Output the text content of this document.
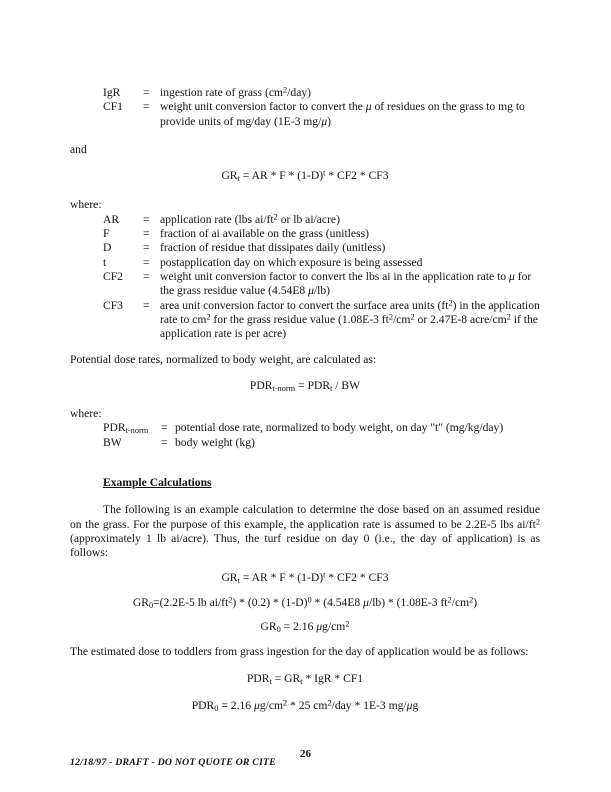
IgR	= ingestion rate of grass $(cm^2/day)$
CF1	= weight unit conversion factor to convert the μ of residues on the grass to mg to provide units of mg/day (1E-3 mg/μ)

and

$GR_t$ = AR * F * $(1-D)^t * CF2 * CF3$

where:

AR	= application rate (lbs $ai/ft^2$ or lb ai/acre)
F	= fraction of ai available on the grass (unitless)
D	= fraction of residue that dissipates daily (unitless)
t	= postapplication day on which exposure is being assessed
CF2	= weight unit conversion factor to convert the lbs ai in the application rate to μ for the grass residue value (4.54E8 μ/lb)
CF3	= area unit conversion factor to convert the surface area units $(ft^2)$ in the application rate to $cm^2$ for the grass residue value (1.08E-3 $ft^2/cm^2$ or 2.47E-8 acre/$cm^2$ if the application rate is per acre)

Potential dose rates, normalized to body weight, are calculated as:

$PDR_{t-norm} = PDR_t$ / BW

where:

$PDR_{t-norm}$	= potential dose rate, normalized to body weight, on day "t" (mg/kg/day)
BW	= body weight (kg)

Example Calculations

The following is an example calculation to determine the dose based on an assumed residue on the grass. For the purpose of this example, the application rate is assumed to be 2.2E-5 lbs $ai/ft^2$ (approximately 1 lb ai/acre). Thus, the turf residue on day 0 (i.e., the day of application) is as follows:

$GR_t$ = AR * F * $(1-D)^t * CF2 * CF3$

$GR_0=(2.2E-5$ lb $ai/ft^2) * (0.2) * (1-D)^0 * (4.54E8$ μ/lb) * (1.08E-3 $ft^2/cm^2$)

$GR_0 = 2.16$ $\mu g/cm^2$

The estimated dose to toddlers from grass ingestion for the day of application would be as follows:

$PDR_t = GR_t$ * IgR * CF1

$PDR_0 = 2.16$ $\mu g/cm^2 * 25$ $cm^2$/day * 1E-3 mg/μg

26
12/18/97 - DRAFT - DO NOT QUOTE OR CITE
